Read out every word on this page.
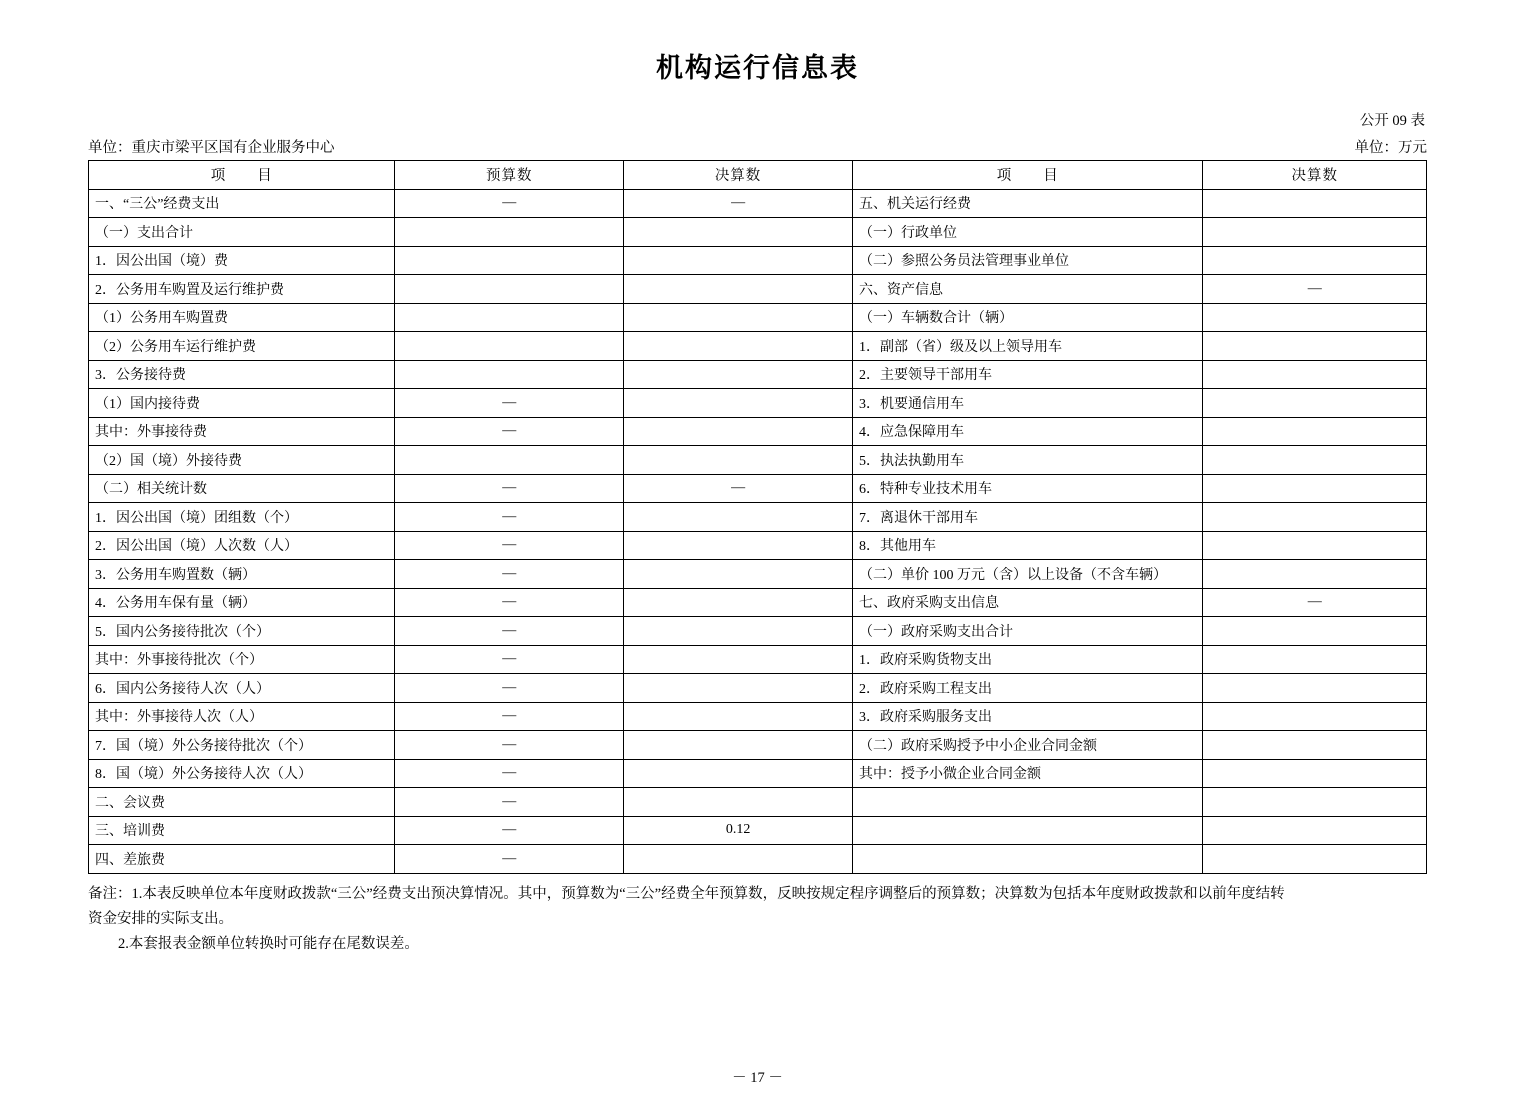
机构运行信息表
公开 09 表
单位：重庆市梁平区国有企业服务中心	单位：万元
项　　目	预算数	决算数	项　　目	决算数
一、“三公”经费支出	—	—	五、机关运行经费	
（一）支出合计			（一）行政单位	
1．因公出国（境）费			（二）参照公务员法管理事业单位	
2．公务用车购置及运行维护费			六、资产信息	—
（1）公务用车购置费			（一）车辆数合计（辆）	
（2）公务用车运行维护费			1．副部（省）级及以上领导用车	
3．公务接待费			2．主要领导干部用车	
（1）国内接待费	—		3．机要通信用车	
其中：外事接待费	—		4．应急保障用车	
（2）国（境）外接待费			5．执法执勤用车	
（二）相关统计数	—	—	6．特种专业技术用车	
1．因公出国（境）团组数（个）	—		7．离退休干部用车	
2．因公出国（境）人次数（人）	—		8．其他用车	
3．公务用车购置数（辆）	—		（二）单价 100 万元（含）以上设备（不含车辆）	
4．公务用车保有量（辆）	—		七、政府采购支出信息	—
5．国内公务接待批次（个）	—		（一）政府采购支出合计	
其中：外事接待批次（个）	—		1．政府采购货物支出	
6．国内公务接待人次（人）	—		2．政府采购工程支出	
其中：外事接待人次（人）	—		3．政府采购服务支出	
7．国（境）外公务接待批次（个）	—		（二）政府采购授予中小企业合同金额	
8．国（境）外公务接待人次（人）	—		其中：授予小微企业合同金额	
二、会议费	—			
三、培训费	—	0.12		
四、差旅费	—			

备注：1.本表反映单位本年度财政拨款“三公”经费支出预决算情况。其中，预算数为“三公”经费全年预算数，反映按规定程序调整后的预算数；决算数为包括本年度财政拨款和以前年度结转

资金安排的实际支出。

2.本套报表金额单位转换时可能存在尾数误差。

－ 17 －
